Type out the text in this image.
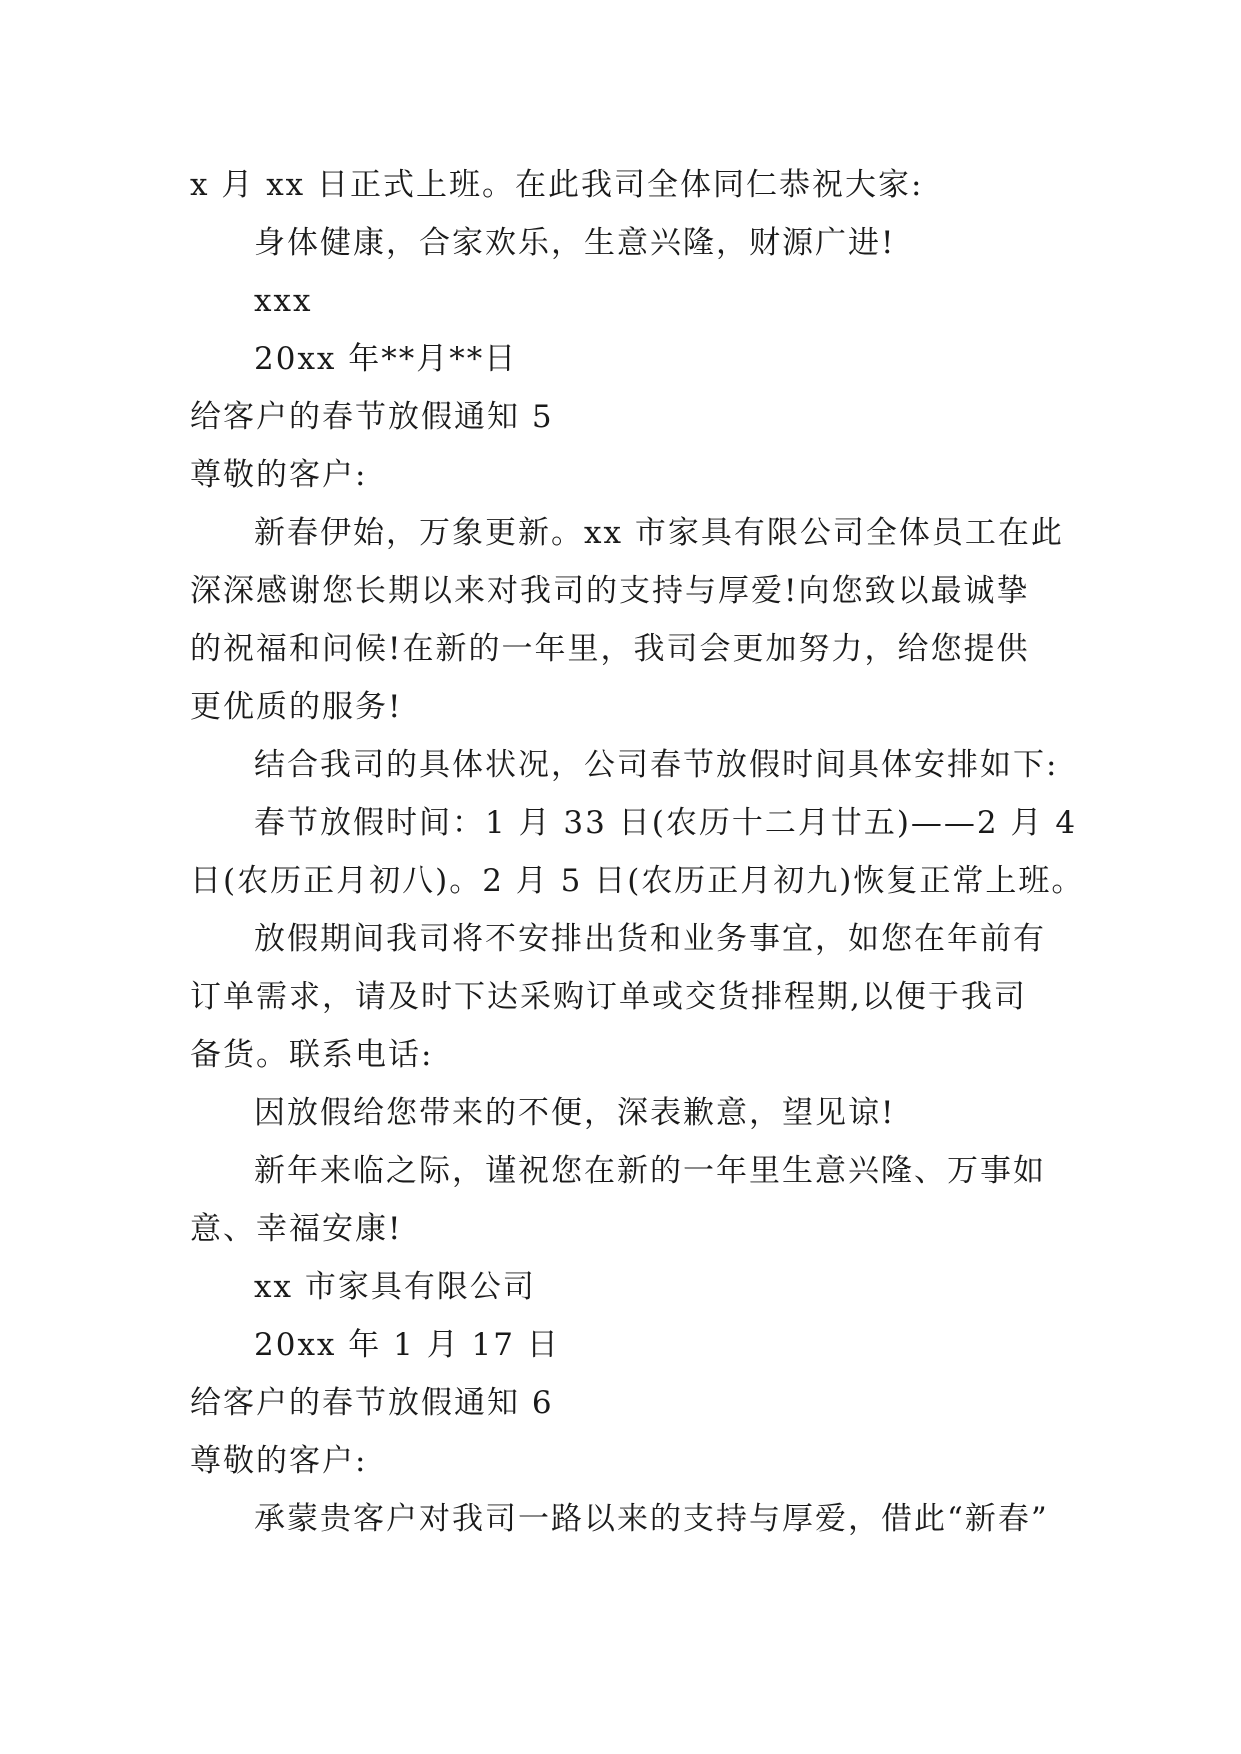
x 月 xx 日正式上班。在此我司全体同仁恭祝大家:
身体健康，合家欢乐，生意兴隆，财源广进!
xxx
20xx 年**月**日
给客户的春节放假通知 5
尊敬的客户:
新春伊始，万象更新。xx 市家具有限公司全体员工在此
深深感谢您长期以来对我司的支持与厚爱!向您致以最诚挚
的祝福和问候!在新的一年里，我司会更加努力，给您提供
更优质的服务!
结合我司的具体状况，公司春节放假时间具体安排如下:
春节放假时间：1 月 33 日(农历十二月廿五)——2 月 4
日(农历正月初八)。2 月 5 日(农历正月初九)恢复正常上班。
放假期间我司将不安排出货和业务事宜，如您在年前有
订单需求，请及时下达采购订单或交货排程期,以便于我司
备货。联系电话:
因放假给您带来的不便，深表歉意，望见谅!
新年来临之际，谨祝您在新的一年里生意兴隆、万事如
意、幸福安康!
xx 市家具有限公司
20xx 年 1 月 17 日
给客户的春节放假通知 6
尊敬的客户:
承蒙贵客户对我司一路以来的支持与厚爱，借此“新春”
